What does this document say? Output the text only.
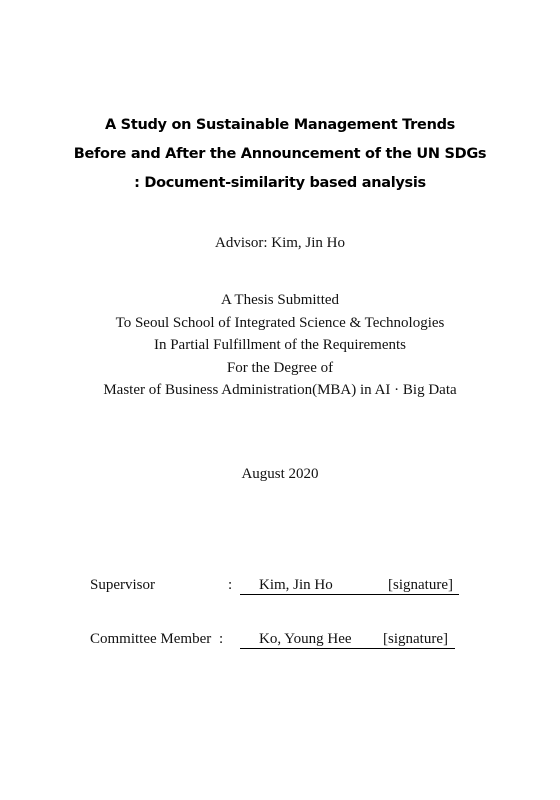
A Study on Sustainable Management Trends
Before and After the Announcement of the UN SDGs
: Document-similarity based analysis
Advisor: Kim, Jin Ho
A Thesis Submitted
To Seoul School of Integrated Science & Technologies
In Partial Fulfillment of the Requirements
For the Degree of
Master of Business Administration(MBA) in AI · Big Data
August 2020
Supervisor	: Kim, Jin Ho	[signature]
Committee Member : Ko, Young Hee [signature]
